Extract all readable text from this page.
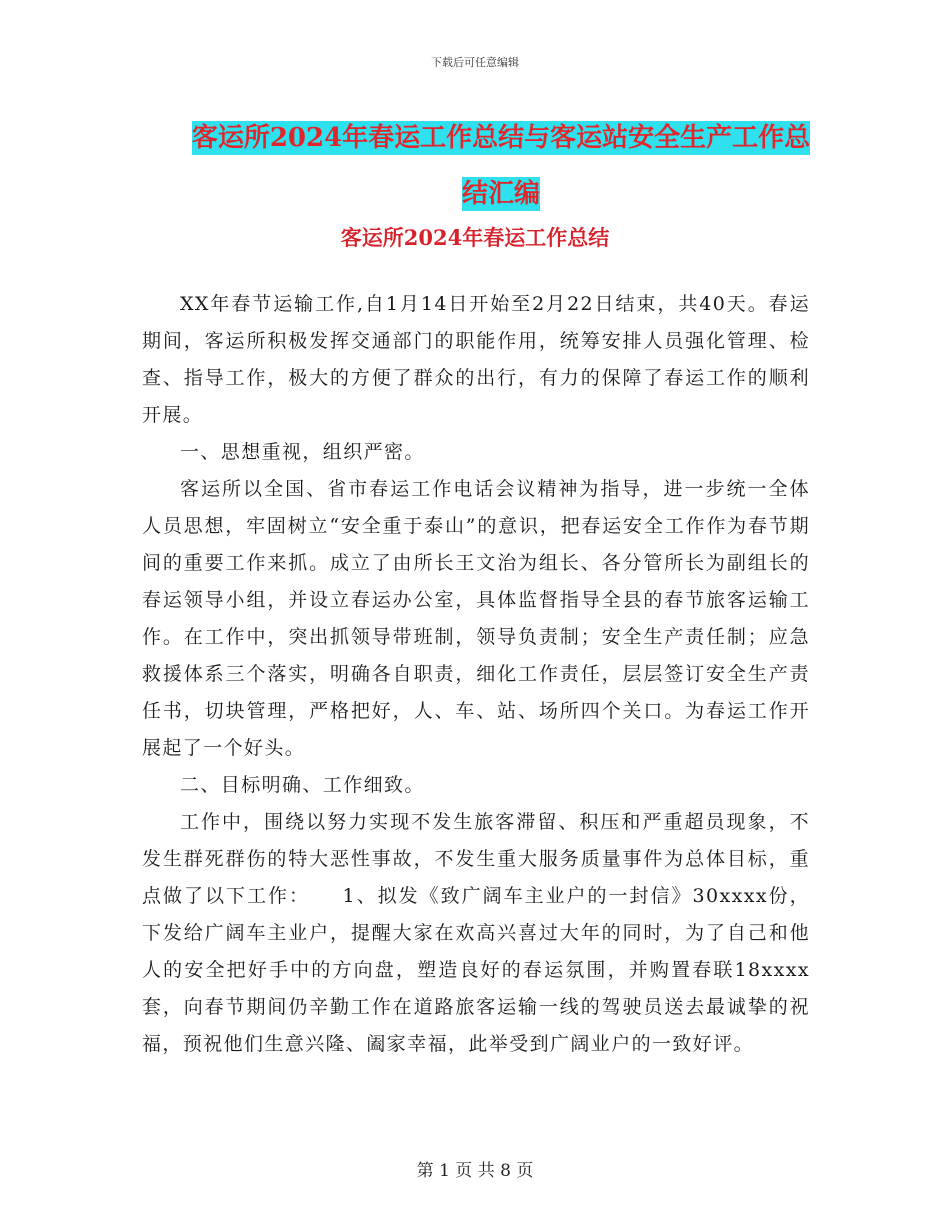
下载后可任意编辑
客运所2024年春运工作总结与客运站安全生产工作总结汇编
客运所2024年春运工作总结

XX年春节运输工作,自1月14日开始至2月22日结束，共40天。春运期间，客运所积极发挥交通部门的职能作用，统筹安排人员强化管理、检查、指导工作，极大的方便了群众的出行，有力的保障了春运工作的顺利开展。

一、思想重视，组织严密。

客运所以全国、省市春运工作电话会议精神为指导，进一步统一全体人员思想，牢固树立“安全重于泰山”的意识，把春运安全工作作为春节期间的重要工作来抓。成立了由所长王文治为组长、各分管所长为副组长的春运领导小组，并设立春运办公室，具体监督指导全县的春节旅客运输工作。在工作中，突出抓领导带班制，领导负责制；安全生产责任制；应急救援体系三个落实，明确各自职责，细化工作责任，层层签订安全生产责任书，切块管理，严格把好，人、车、站、场所四个关口。为春运工作开展起了一个好头。

二、目标明确、工作细致。

工作中，围绕以努力实现不发生旅客滞留、积压和严重超员现象，不发生群死群伤的特大恶性事故，不发生重大服务质量事件为总体目标，重点做了以下工作：　　1、拟发《致广阔车主业户的一封信》30xxxx份，下发给广阔车主业户，提醒大家在欢高兴喜过大年的同时，为了自己和他人的安全把好手中的方向盘，塑造良好的春运氛围，并购置春联18xxxx套，向春节期间仍辛勤工作在道路旅客运输一线的驾驶员送去最诚挚的祝福，预祝他们生意兴隆、阖家幸福，此举受到广阔业户的一致好评。

第 1 页 共 8 页
